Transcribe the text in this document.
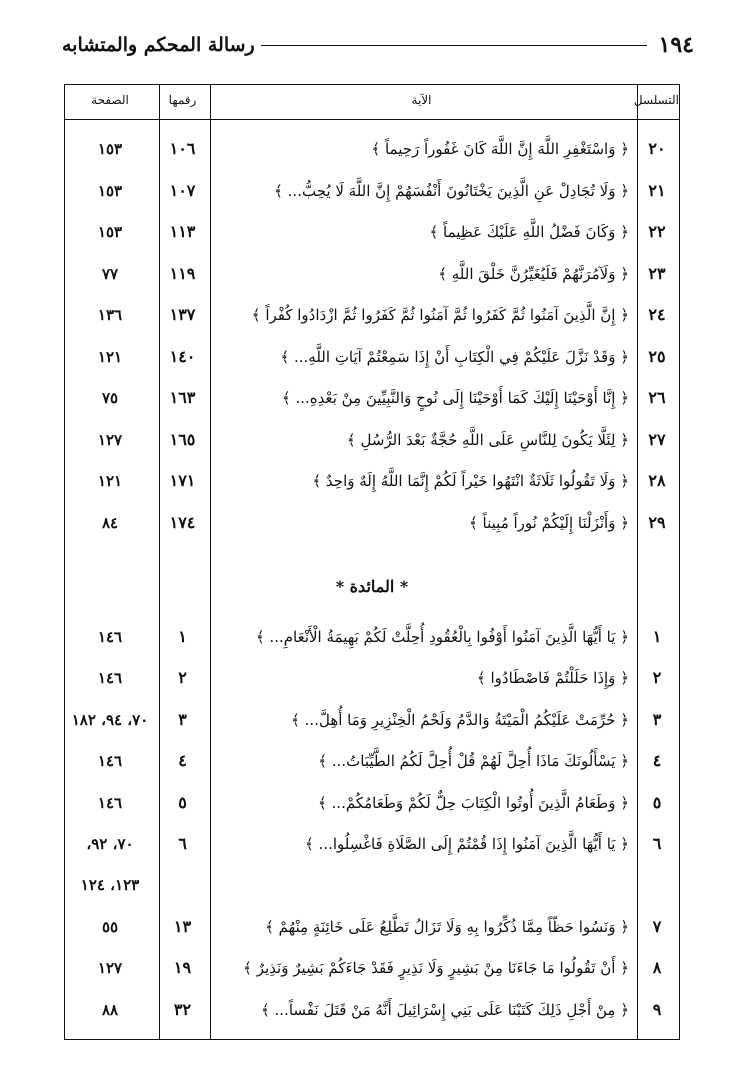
١٩٤
رسالة المحكم والمتشابه
التسلسل
الآية
رقمها
الصفحة
٢٠
﴿ وَاسْتَغْفِرِ اللَّهَ إِنَّ اللَّهَ كَانَ غَفُوراً رَحِيماً ﴾
١٠٦
١٥٣
٢١
﴿ وَلَا تُجَادِلْ عَنِ الَّذِينَ يَخْتَانُونَ أَنْفُسَهُمْ إِنَّ اللَّهَ لَا يُحِبُّ... ﴾
١٠٧
١٥٣
٢٢
﴿ وَكَانَ فَضْلُ اللَّهِ عَلَيْكَ عَظِيماً ﴾
١١٣
١٥٣
٢٣
﴿ وَلَآمُرَنَّهُمْ فَلَيُغَيِّرُنَّ خَلْقَ اللَّهِ ﴾
١١٩
٧٧
٢٤
﴿ إِنَّ الَّذِينَ آمَنُوا ثُمَّ كَفَرُوا ثُمَّ آمَنُوا ثُمَّ كَفَرُوا ثُمَّ ازْدَادُوا كُفْراً ﴾
١٣٧
١٣٦
٢٥
﴿ وَقَدْ نَزَّلَ عَلَيْكُمْ فِي الْكِتَابِ أَنْ إِذَا سَمِعْتُمْ آيَاتِ اللَّهِ... ﴾
١٤٠
١٢١
٢٦
﴿ إِنَّا أَوْحَيْنَا إِلَيْكَ كَمَا أَوْحَيْنَا إِلَى نُوحٍ وَالنَّبِيِّينَ مِنْ بَعْدِهِ... ﴾
١٦٣
٧٥
٢٧
﴿ لِئَلَّا يَكُونَ لِلنَّاسِ عَلَى اللَّهِ حُجَّةٌ بَعْدَ الرُّسُلِ ﴾
١٦٥
١٢٧
٢٨
﴿ وَلَا تَقُولُوا ثَلَاثَةٌ انْتَهُوا خَيْراً لَكُمْ إِنَّمَا اللَّهُ إِلَهٌ وَاحِدٌ ﴾
١٧١
١٢١
٢٩
﴿ وَأَنْزَلْنَا إِلَيْكُمْ نُوراً مُبِيناً ﴾
١٧٤
٨٤
* المائدة *
١
﴿ يَا أَيُّهَا الَّذِينَ آمَنُوا أَوْفُوا بِالْعُقُودِ أُحِلَّتْ لَكُمْ بَهِيمَةُ الْأَنْعَامِ... ﴾
١
١٤٦
٢
﴿ وَإِذَا حَلَلْتُمْ فَاصْطَادُوا ﴾
٢
١٤٦
٣
﴿ حُرِّمَتْ عَلَيْكُمُ الْمَيْتَةُ وَالدَّمُ وَلَحْمُ الْخِنْزِيرِ وَمَا أُهِلَّ... ﴾
٣
٧٠، ٩٤، ١٨٢
٤
﴿ يَسْأَلُونَكَ مَاذَا أُحِلَّ لَهُمْ قُلْ أُحِلَّ لَكُمُ الطَّيِّبَاتُ... ﴾
٤
١٤٦
٥
﴿ وَطَعَامُ الَّذِينَ أُوتُوا الْكِتَابَ حِلٌّ لَكُمْ وَطَعَامُكُمْ... ﴾
٥
١٤٦
٦
﴿ يَا أَيُّهَا الَّذِينَ آمَنُوا إِذَا قُمْتُمْ إِلَى الصَّلَاةِ فَاغْسِلُوا... ﴾
٦
٧٠، ٩٢،
١٢٣، ١٢٤
٧
﴿ وَنَسُوا حَظّاً مِمَّا ذُكِّرُوا بِهِ وَلَا تَزَالُ تَطَّلِعُ عَلَى خَائِنَةٍ مِنْهُمْ ﴾
١٣
٥٥
٨
﴿ أَنْ تَقُولُوا مَا جَاءَنَا مِنْ بَشِيرٍ وَلَا نَذِيرٍ فَقَدْ جَاءَكُمْ بَشِيرٌ وَنَذِيرٌ ﴾
١٩
١٢٧
٩
﴿ مِنْ أَجْلِ ذَلِكَ كَتَبْنَا عَلَى بَنِي إِسْرَائِيلَ أَنَّهُ مَنْ قَتَلَ نَفْساً... ﴾
٣٢
٨٨
